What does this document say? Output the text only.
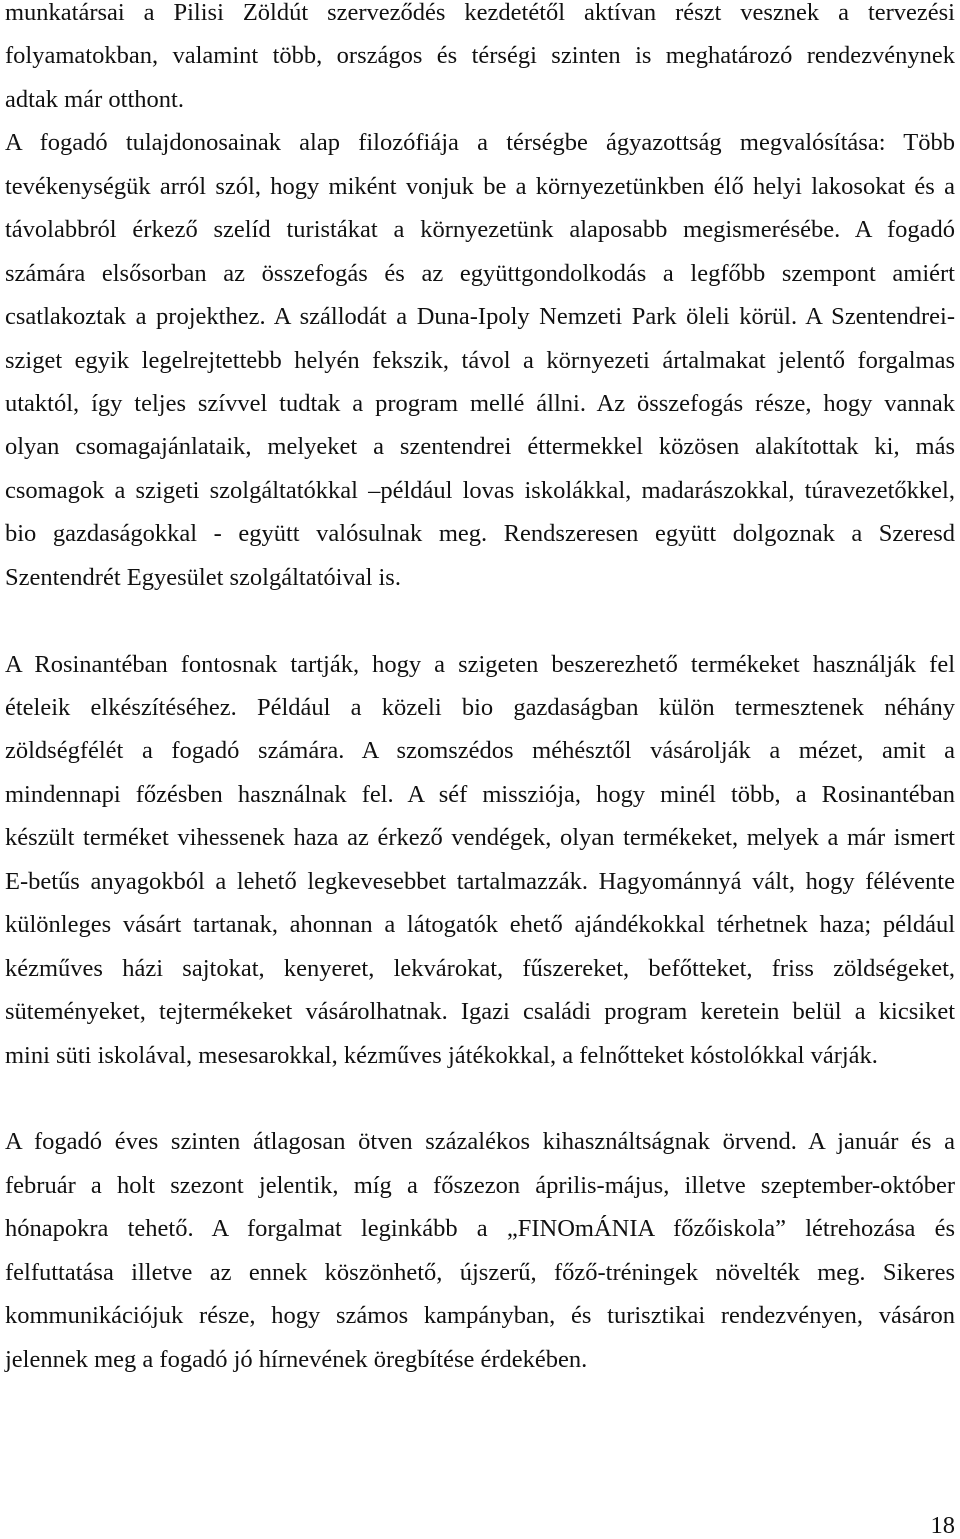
munkatársai a Pilisi Zöldút szerveződés kezdetétől aktívan részt vesznek a tervezési
folyamatokban, valamint több, országos és térségi szinten is meghatározó rendezvénynek
adtak már otthont.
A fogadó tulajdonosainak alap filozófiája a térségbe ágyazottság megvalósítása: Több
tevékenységük arról szól, hogy miként vonjuk be a környezetünkben élő helyi lakosokat és a
távolabbról érkező szelíd turistákat a környezetünk alaposabb megismerésébe. A fogadó
számára elsősorban az összefogás és az együttgondolkodás a legfőbb szempont amiért
csatlakoztak a projekthez. A szállodát a Duna-Ipoly Nemzeti Park öleli körül. A Szentendrei-
sziget egyik legelrejtettebb helyén fekszik, távol a környezeti ártalmakat jelentő forgalmas
utaktól, így teljes szívvel tudtak a program mellé állni. Az összefogás része, hogy vannak
olyan csomagajánlataik, melyeket a szentendrei éttermekkel közösen alakítottak ki, más
csomagok a szigeti szolgáltatókkal –például lovas iskolákkal, madarászokkal, túravezetőkkel,
bio gazdaságokkal - együtt valósulnak meg. Rendszeresen együtt dolgoznak a Szeresd
Szentendrét Egyesület szolgáltatóival is.
A Rosinantéban fontosnak tartják, hogy a szigeten beszerezhető termékeket használják fel
ételeik elkészítéséhez. Például a közeli bio gazdaságban külön termesztenek néhány
zöldségfélét a fogadó számára. A szomszédos méhésztől vásárolják a mézet, amit a
mindennapi főzésben használnak fel. A séf missziója, hogy minél több, a Rosinantéban
készült terméket vihessenek haza az érkező vendégek, olyan termékeket, melyek a már ismert
E-betűs anyagokból a lehető legkevesebbet tartalmazzák. Hagyománnyá vált, hogy félévente
különleges vásárt tartanak, ahonnan a látogatók ehető ajándékokkal térhetnek haza; például
kézműves házi sajtokat, kenyeret, lekvárokat, fűszereket, befőtteket, friss zöldségeket,
süteményeket, tejtermékeket vásárolhatnak. Igazi családi program keretein belül a kicsiket
mini süti iskolával, mesesarokkal, kézműves játékokkal, a felnőtteket kóstolókkal várják.
A fogadó éves szinten átlagosan ötven százalékos kihasználtságnak örvend. A január és a
február a holt szezont jelentik, míg a főszezon április-május, illetve szeptember-október
hónapokra tehető. A forgalmat leginkább a „FINOmÁNIA főzőiskola” létrehozása és
felfuttatása illetve az ennek köszönhető, újszerű, főző-tréningek növelték meg. Sikeres
kommunikációjuk része, hogy számos kampányban, és turisztikai rendezvényen, vásáron
jelennek meg a fogadó jó hírnevének öregbítése érdekében.
18
